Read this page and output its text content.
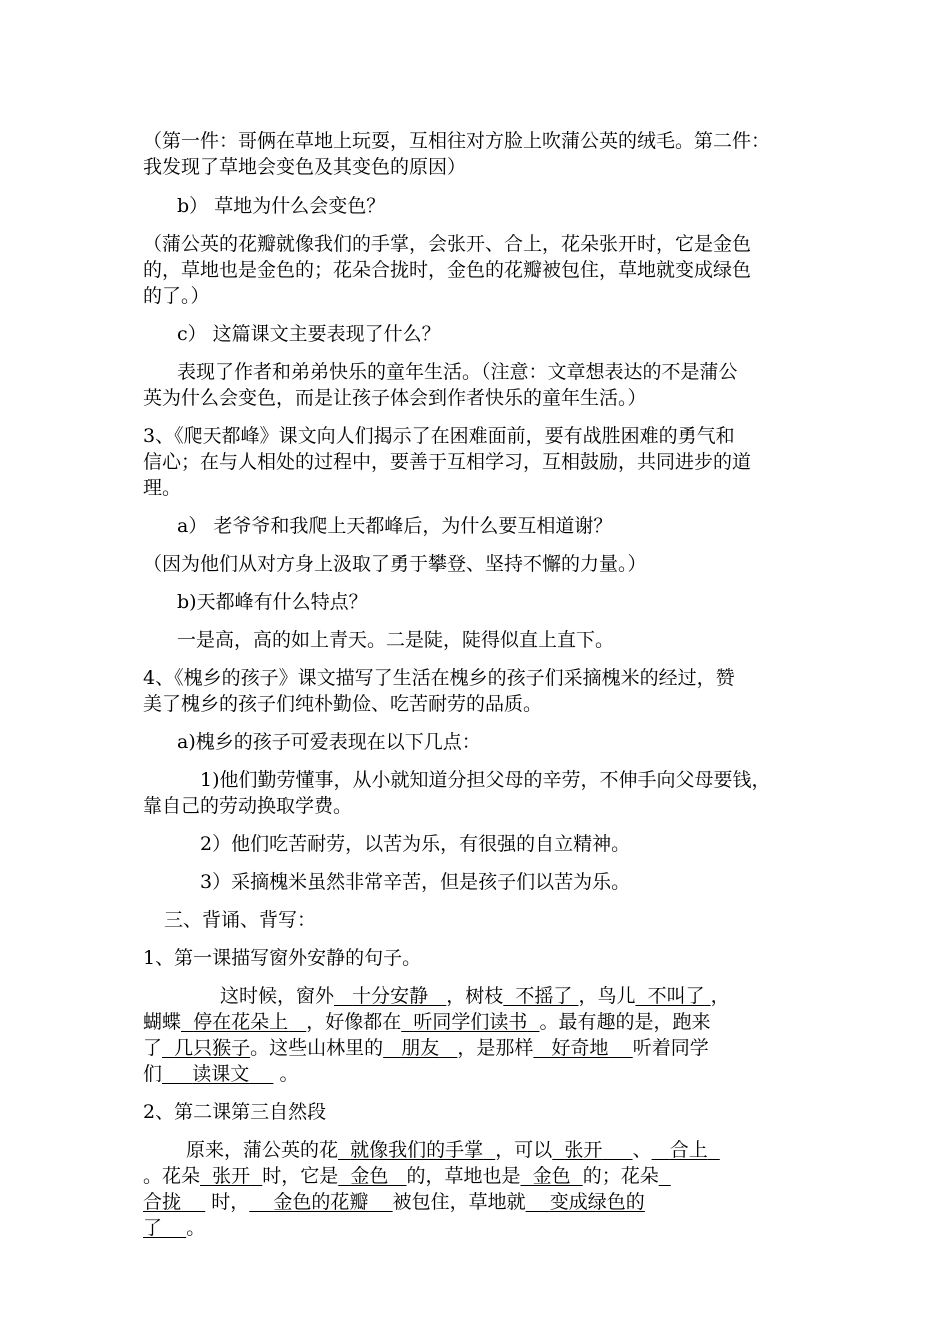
（第一件：哥俩在草地上玩耍，互相往对方脸上吹蒲公英的绒毛。第二件：
我发现了草地会变色及其变色的原因）
b） 草地为什么会变色？
（蒲公英的花瓣就像我们的手掌，会张开、合上，花朵张开时，它是金色
的，草地也是金色的；花朵合拢时，金色的花瓣被包住，草地就变成绿色
的了。）
c） 这篇课文主要表现了什么？
表现了作者和弟弟快乐的童年生活。（注意：文章想表达的不是蒲公
英为什么会变色，而是让孩子体会到作者快乐的童年生活。）
3、《爬天都峰》课文向人们揭示了在困难面前，要有战胜困难的勇气和
信心；在与人相处的过程中，要善于互相学习，互相鼓励，共同进步的道
理。
a） 老爷爷和我爬上天都峰后，为什么要互相道谢？
（因为他们从对方身上汲取了勇于攀登、坚持不懈的力量。）
b)天都峰有什么特点？
一是高，高的如上青天。二是陡，陡得似直上直下。
4、《槐乡的孩子》课文描写了生活在槐乡的孩子们采摘槐米的经过，赞
美了槐乡的孩子们纯朴勤俭、吃苦耐劳的品质。
a)槐乡的孩子可爱表现在以下几点：
1)他们勤劳懂事，从小就知道分担父母的辛劳，不伸手向父母要钱，
靠自己的劳动换取学费。
2）他们吃苦耐劳，以苦为乐，有很强的自立精神。
3）采摘槐米虽然非常辛苦，但是孩子们以苦为乐。
三、背诵、背写：
1、第一课描写窗外安静的句子。
这时候，窗外 十分安静 ，树枝 不摇了 ，鸟儿 不叫了 ，
蝴蝶 停在花朵上 ，好像都在 听同学们读书 。最有趣的是，跑来
了 几只猴子。这些山林里的 朋友 ，是那样 好奇地 听着同学
们 读课文 。
2、第二课第三自然段
原来，蒲公英的花 就像我们的手掌 ，可以 张开 、 合上
。花朵 张开 时，它是 金色 的，草地也是 金色 的；花朵
合拢 时， 金色的花瓣 被包住，草地就 变成绿色的
了 。
